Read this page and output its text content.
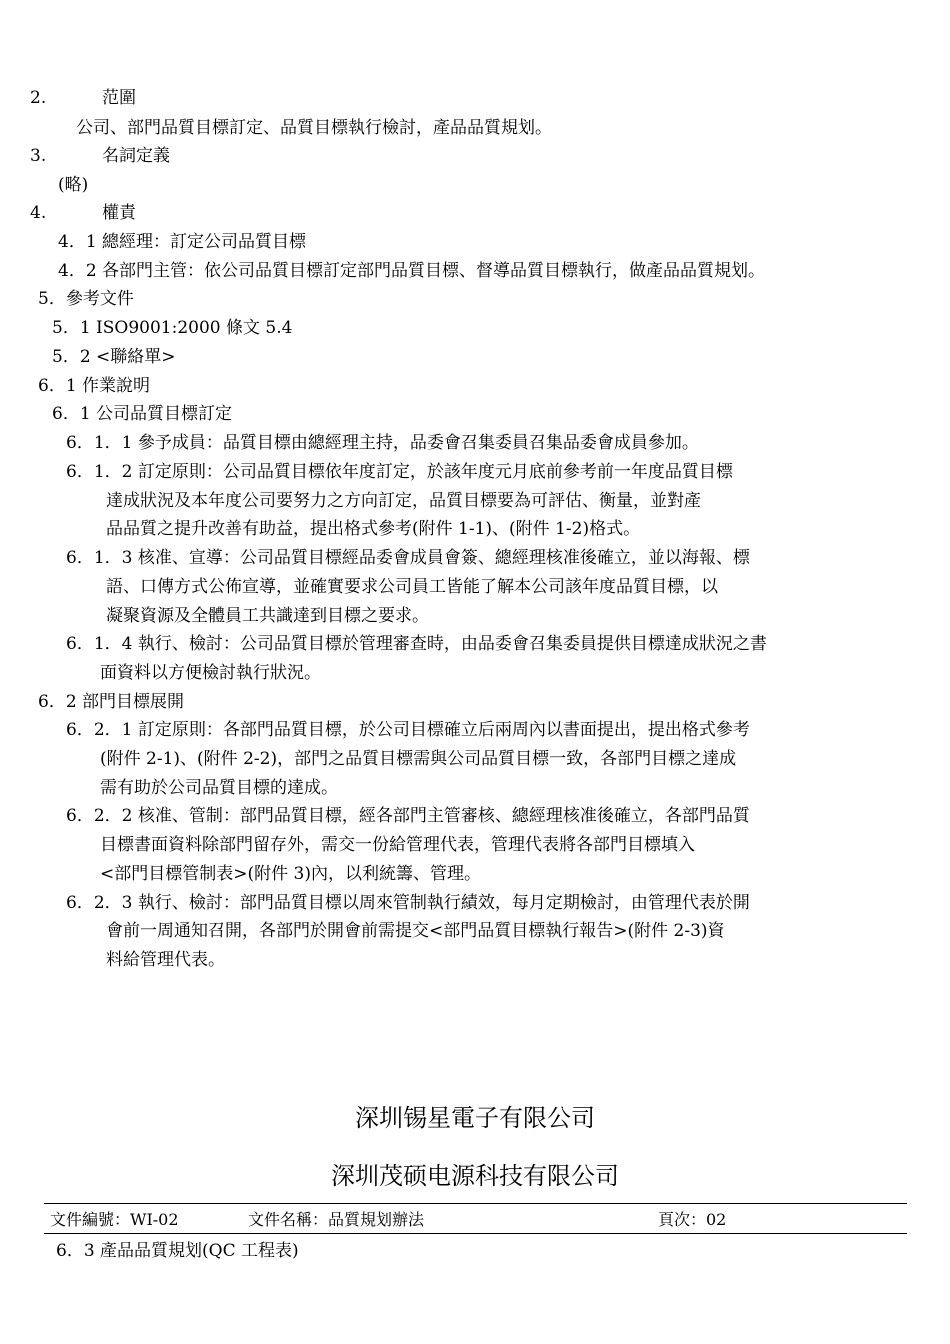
2.	范圍
公司、部門品質目標訂定、品質目標執行檢討，產品品質規划。
3.	名詞定義
(略)
4.	權責
4．1 總經理：訂定公司品質目標
4．2 各部門主管：依公司品質目標訂定部門品質目標、督導品質目標執行，做產品品質規划。
5．參考文件
5．1 ISO9001:2000 條文 5.4
5．2 <聯絡單>
6．1 作業說明
6．1 公司品質目標訂定
6．1．1 參予成員：品質目標由總經理主持，品委會召集委員召集品委會成員參加。
6．1．2 訂定原則：公司品質目標依年度訂定，於該年度元月底前參考前一年度品質目標
達成狀況及本年度公司要努力之方向訂定，品質目標要為可評估、衡量，並對產
品品質之提升改善有助益，提出格式參考(附件 1-1)、(附件 1-2)格式。
6．1．3 核准、宣導：公司品質目標經品委會成員會簽、總經理核准後確立，並以海報、標
語、口傳方式公佈宣導，並確實要求公司員工皆能了解本公司該年度品質目標，以
凝聚資源及全體員工共識達到目標之要求。
6．1．4 執行、檢討：公司品質目標於管理審查時，由品委會召集委員提供目標達成狀況之書
面資料以方便檢討執行狀況。
6．2 部門目標展開
6．2．1 訂定原則：各部門品質目標，於公司目標確立后兩周內以書面提出，提出格式參考
(附件 2-1)、(附件 2-2)，部門之品質目標需與公司品質目標一致，各部門目標之達成
需有助於公司品質目標的達成。
6．2．2 核准、管制：部門品質目標，經各部門主管審核、總經理核准後確立，各部門品質
目標書面資料除部門留存外，需交一份給管理代表，管理代表將各部門目標填入
<部門目標管制表>(附件 3)內，以利統籌、管理。
6．2．3 執行、檢討：部門品質目標以周來管制執行績效，每月定期檢討，由管理代表於開
會前一周通知召開，各部門於開會前需提交<部門品質目標執行報告>(附件 2-3)資
料給管理代表。
深圳锡星電子有限公司
深圳茂硕电源科技有限公司
文件編號：WI-02	文件名稱：品質規划辦法	頁次：02
6．3 產品品質規划(QC 工程表)
